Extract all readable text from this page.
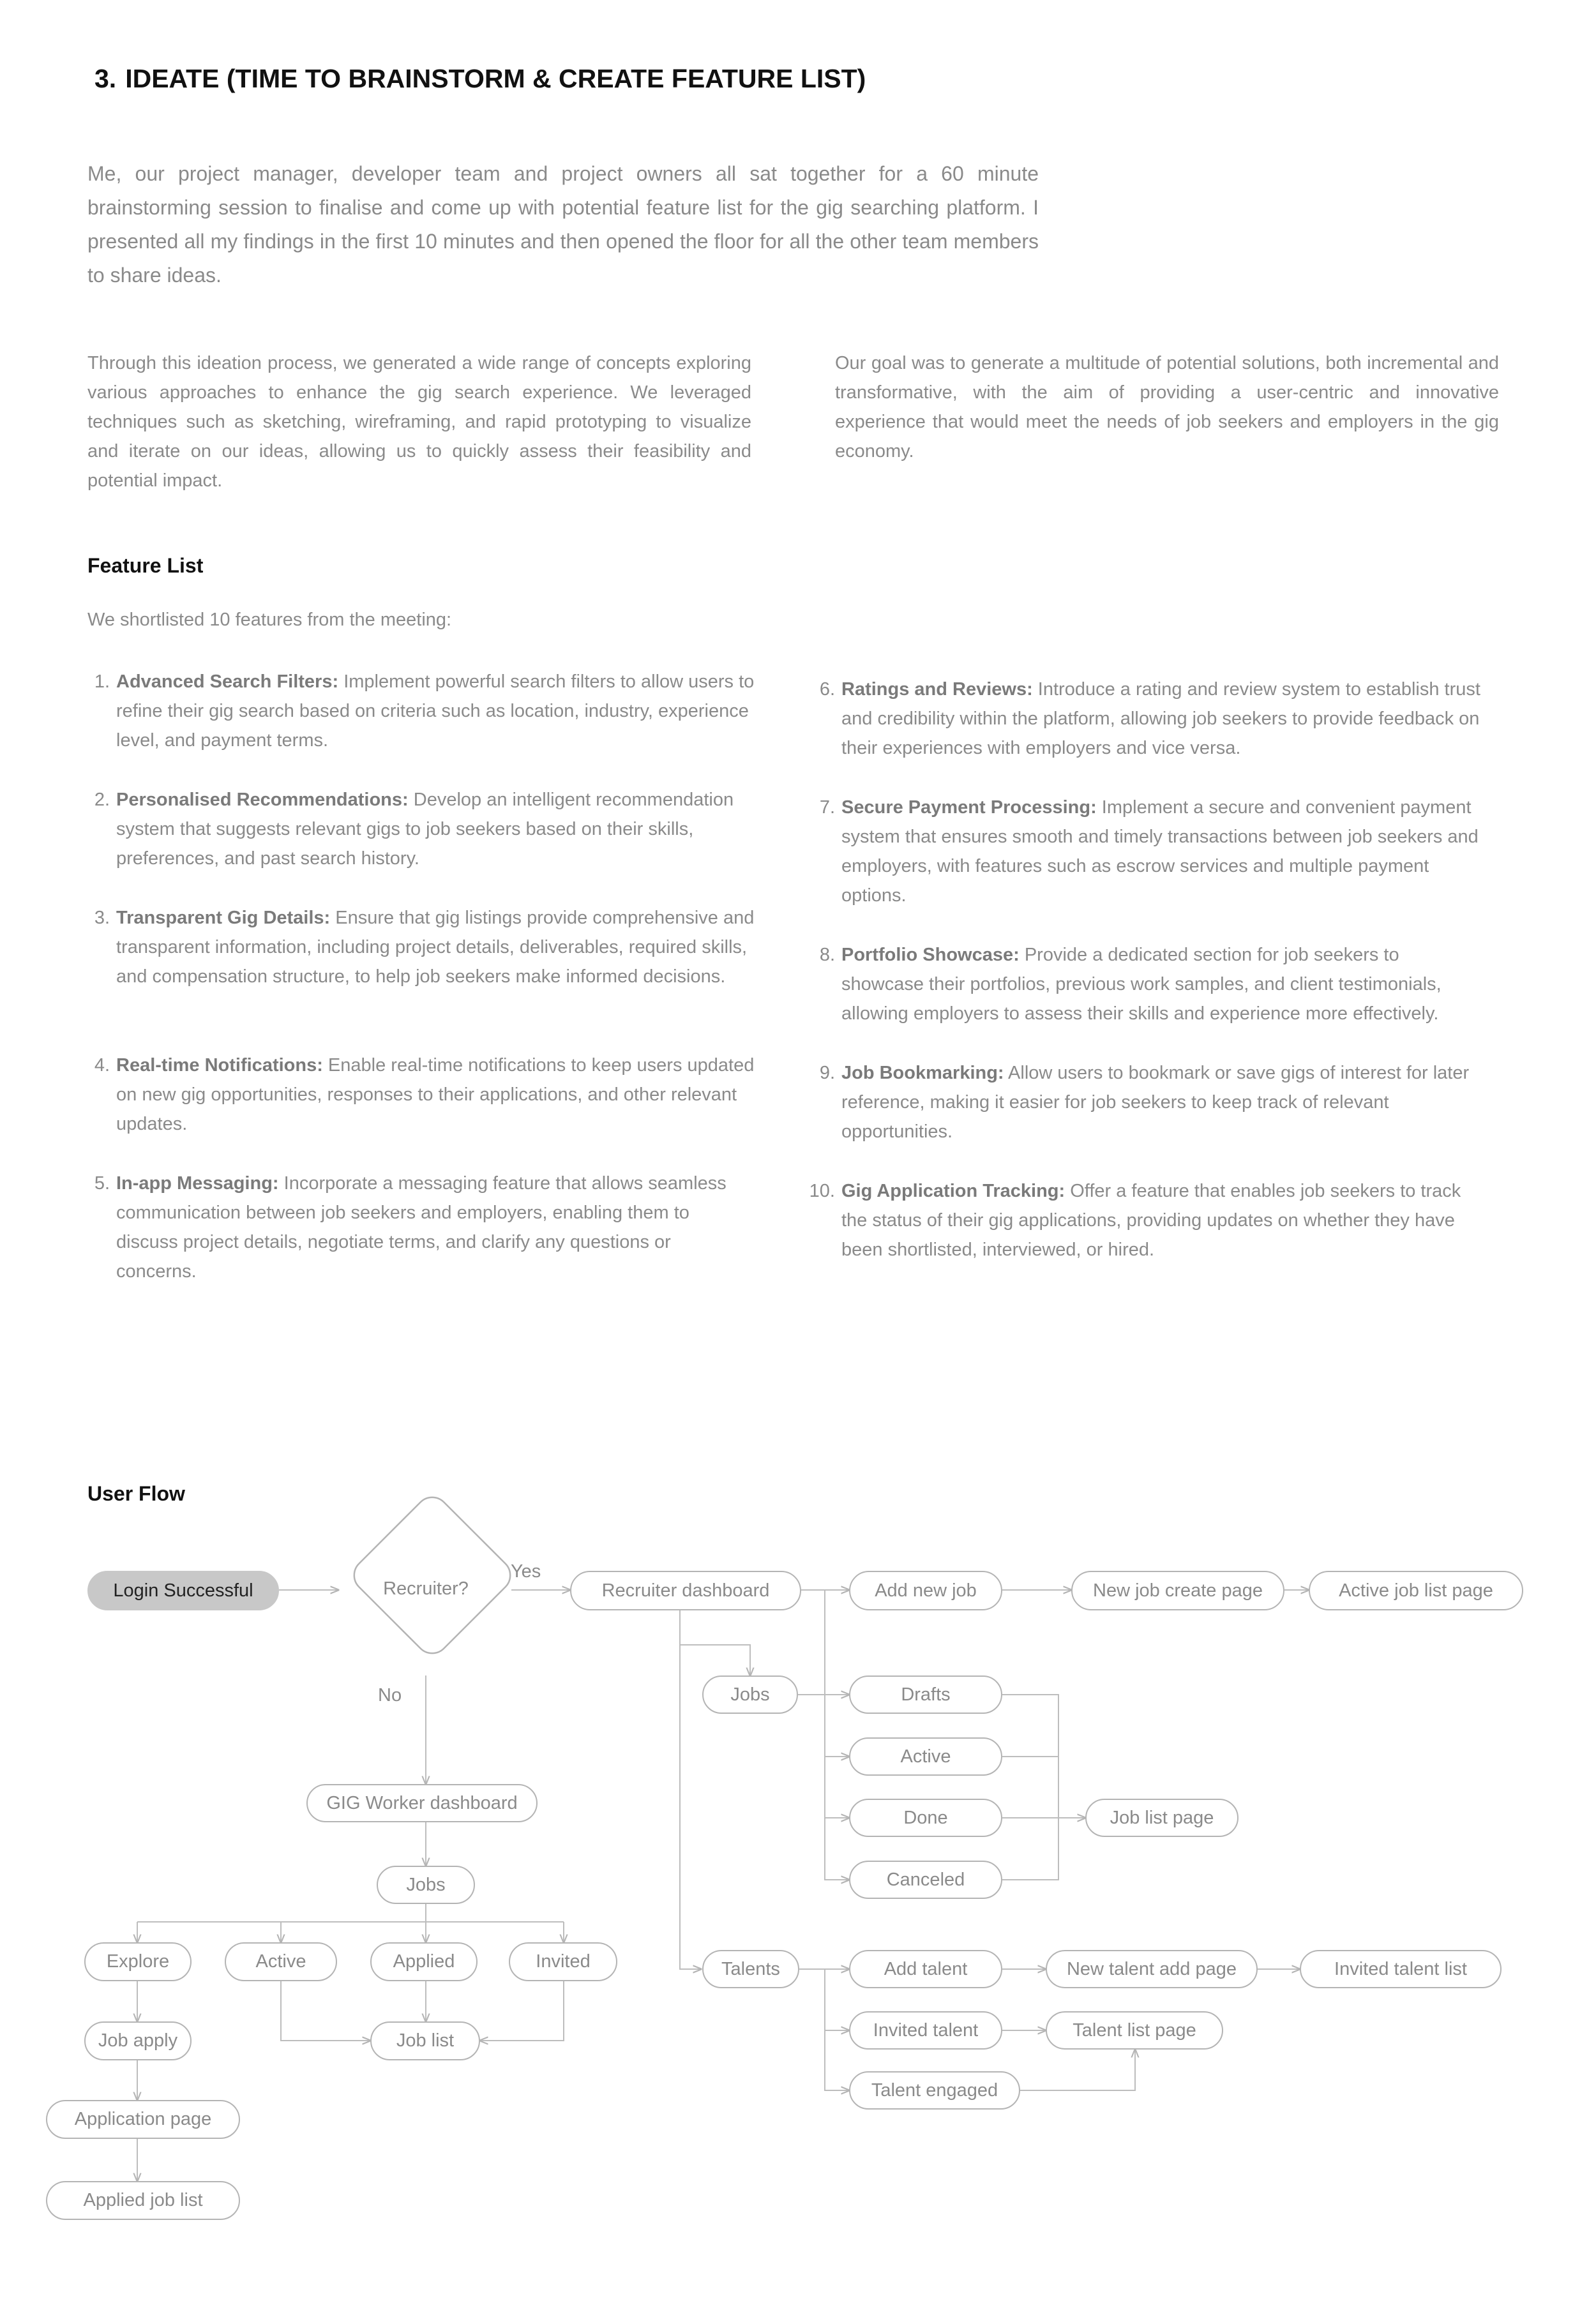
3. IDEATE (TIME TO BRAINSTORM & CREATE FEATURE LIST)
Me, our project manager, developer team and project owners all sat together for a 60 minute brainstorming session to finalise and come up with potential feature list for the gig searching platform. I presented all my findings in the first 10 minutes and then opened the floor for all the other team members to share ideas.
Through this ideation process, we generated a wide range of concepts exploring various approaches to enhance the gig search experience. We leveraged techniques such as sketching, wireframing, and rapid prototyping to visualize and iterate on our ideas, allowing us to quickly assess their feasibility and potential impact.
Our goal was to generate a multitude of potential solutions, both incremental and transformative, with the aim of providing a user-centric and innovative experience that would meet the needs of job seekers and employers in the gig economy.
Feature List
We shortlisted 10 features from the meeting:
1. Advanced Search Filters: Implement powerful search filters to allow users to refine their gig search based on criteria such as location, industry, experience level, and payment terms.
2. Personalised Recommendations: Develop an intelligent recommendation system that suggests relevant gigs to job seekers based on their skills, preferences, and past search history.
3. Transparent Gig Details: Ensure that gig listings provide comprehensive and transparent information, including project details, deliverables, required skills, and compensation structure, to help job seekers make informed decisions.
4. Real-time Notifications: Enable real-time notifications to keep users updated on new gig opportunities, responses to their applications, and other relevant updates.
5. In-app Messaging: Incorporate a messaging feature that allows seamless communication between job seekers and employers, enabling them to discuss project details, negotiate terms, and clarify any questions or concerns.
6. Ratings and Reviews: Introduce a rating and review system to establish trust and credibility within the platform, allowing job seekers to provide feedback on their experiences with employers and vice versa.
7. Secure Payment Processing: Implement a secure and convenient payment system that ensures smooth and timely transactions between job seekers and employers, with features such as escrow services and multiple payment options.
8. Portfolio Showcase: Provide a dedicated section for job seekers to showcase their portfolios, previous work samples, and client testimonials, allowing employers to assess their skills and experience more effectively.
9. Job Bookmarking: Allow users to bookmark or save gigs of interest for later reference, making it easier for job seekers to keep track of relevant opportunities.
10. Gig Application Tracking: Offer a feature that enables job seekers to track the status of their gig applications, providing updates on whether they have been shortlisted, interviewed, or hired.
User Flow
Yes
No
Recruiter?
Login Successful	Recruiter dashboard	Add new job	New job create page	Active job list page
Jobs	Drafts
Active
Done
Canceled
Job list page
Talents	Add talent	New talent add page	Invited talent list
Invited talent	Talent list page
Talent engaged
GIG Worker dashboard
Jobs
Explore	Active	Applied	Invited
Job apply	Job list
Application page
Applied job list
